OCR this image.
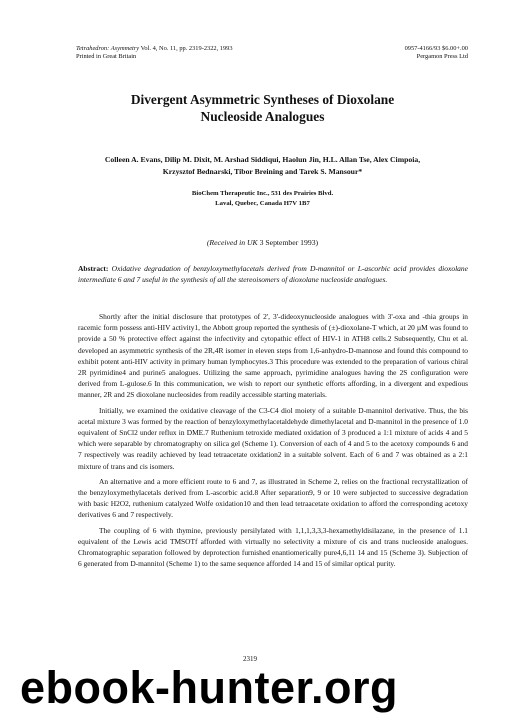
Tetrahedron: Asymmetry Vol. 4, No. 11, pp. 2319-2322, 1993
Printed in Great Britain
0957-4166/93 $6.00+.00
Pergamon Press Ltd
Divergent Asymmetric Syntheses of Dioxolane
Nucleoside Analogues
Colleen A. Evans, Dilip M. Dixit, M. Arshad Siddiqui, Haolun Jin, H.L. Allan Tse, Alex Cimpoia,
Krzysztof Bednarski, Tibor Breining and Tarek S. Mansour*
BioChem Therapeutic Inc., 531 des Prairies Blvd.
Laval, Quebec, Canada H7V 1B7
(Received in UK 3 September 1993)
Abstract: Oxidative degradation of benzyloxymethylacetals derived from D-mannitol or L-ascorbic acid provides dioxolane intermediate 6 and 7 useful in the synthesis of all the stereoisomers of dioxolane nucleoside analogues.

Shortly after the initial disclosure that prototypes of 2', 3'-dideoxynucleoside analogues with 3'-oxa and -thia groups in racemic form possess anti-HIV activity1, the Abbott group reported the synthesis of (±)-dioxolane-T which, at 20 µM was found to provide a 50 % protective effect against the infectivity and cytopathic effect of HIV-1 in ATH8 cells.2 Subsequently, Chu et al. developed an asymmetric synthesis of the 2R,4R isomer in eleven steps from 1,6-anhydro-D-mannose and found this compound to exhibit potent anti-HIV activity in primary human lymphocytes.3 This procedure was extended to the preparation of various chiral 2R pyrimidine4 and purine5 analogues. Utilizing the same approach, pyrimidine analogues having the 2S configuration were derived from L-gulose.6 In this communication, we wish to report our synthetic efforts affording, in a divergent and expedious manner, 2R and 2S dioxolane nucleosides from readily accessible starting materials.

Initially, we examined the oxidative cleavage of the C3-C4 diol moiety of a suitable D-mannitol derivative. Thus, the bis acetal mixture 3 was formed by the reaction of benzyloxymethylacetaldehyde dimethylacetal and D-mannitol in the presence of 1.0 equivalent of SnCl2 under reflux in DME.7 Ruthenium tetroxide mediated oxidation of 3 produced a 1:1 mixture of acids 4 and 5 which were separable by chromatography on silica gel (Scheme 1). Conversion of each of 4 and 5 to the acetoxy compounds 6 and 7 respectively was readily achieved by lead tetraacetate oxidation2 in a suitable solvent. Each of 6 and 7 was obtained as a 2:1 mixture of trans and cis isomers.

An alternative and a more efficient route to 6 and 7, as illustrated in Scheme 2, relies on the fractional recrystallization of the benzyloxymethylacetals derived from L-ascorbic acid.8 After separation9, 9 or 10 were subjected to successive degradation with basic H2O2, ruthenium catalyzed Wolfe oxidation10 and then lead tetraacetate oxidation to afford the corresponding acetoxy derivatives 6 and 7 respectively.

The coupling of 6 with thymine, previously persilylated with 1,1,1,3,3,3-hexamethyldisilazane, in the presence of 1.1 equivalent of the Lewis acid TMSOTf afforded with virtually no selectivity a mixture of cis and trans nucleoside analogues. Chromatographic separation followed by deprotection furnished enantiomerically pure4,6,11 14 and 15 (Scheme 3). Subjection of 6 generated from D-mannitol (Scheme 1) to the same sequence afforded 14 and 15 of similar optical purity.

2319
ebook-hunter.org
